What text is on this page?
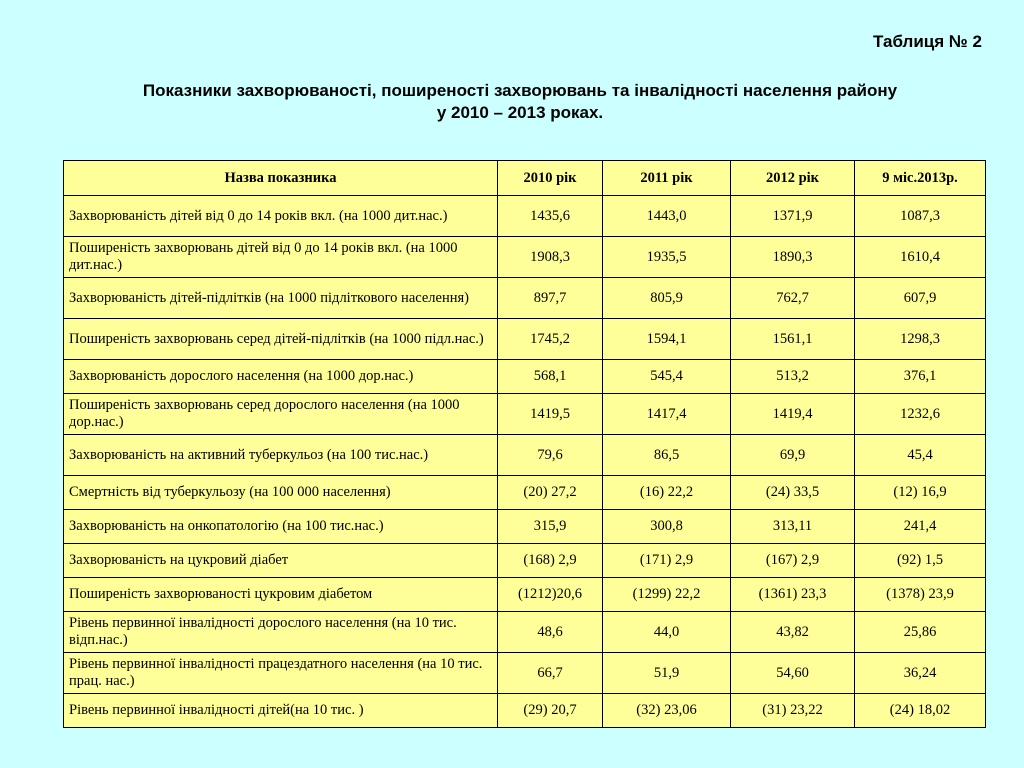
Таблиця № 2
Показники захворюваності, поширеності захворювань та інвалідності населення району
у 2010 – 2013 роках.
Назва показника	2010 рік	2011 рік	2012 рік	9 міс.2013р.
Захворюваність дітей від 0 до 14 років вкл. (на 1000 дит.нас.)	1435,6	1443,0	1371,9	1087,3
Поширеність захворювань дітей від 0 до 14 років вкл. (на 1000 дит.нас.)	1908,3	1935,5	1890,3	1610,4
Захворюваність дітей-підлітків (на 1000 підліткового населення)	897,7	805,9	762,7	607,9
Поширеність захворювань серед дітей-підлітків (на 1000 підл.нас.)	1745,2	1594,1	1561,1	1298,3
Захворюваність дорослого населення (на 1000 дор.нас.)	568,1	545,4	513,2	376,1
Поширеність захворювань серед дорослого населення (на 1000 дор.нас.)	1419,5	1417,4	1419,4	1232,6
Захворюваність на активний туберкульоз (на 100 тис.нас.)	79,6	86,5	69,9	45,4
Смертність від туберкульозу (на 100 000 населення)	(20) 27,2	(16) 22,2	(24) 33,5	(12) 16,9
Захворюваність на онкопатологію (на 100 тис.нас.)	315,9	300,8	313,11	241,4
Захворюваність на цукровий діабет	(168) 2,9	(171) 2,9	(167) 2,9	(92) 1,5
Поширеність захворюваності цукровим діабетом	(1212)20,6	(1299) 22,2	(1361) 23,3	(1378) 23,9
Рівень первинної інвалідності дорослого населення (на 10 тис. відп.нас.)	48,6	44,0	43,82	25,86
Рівень первинної інвалідності працездатного населення (на 10 тис. прац. нас.)	66,7	51,9	54,60	36,24
Рівень первинної інвалідності дітей(на 10 тис. )	(29) 20,7	(32) 23,06	(31) 23,22	(24) 18,02
